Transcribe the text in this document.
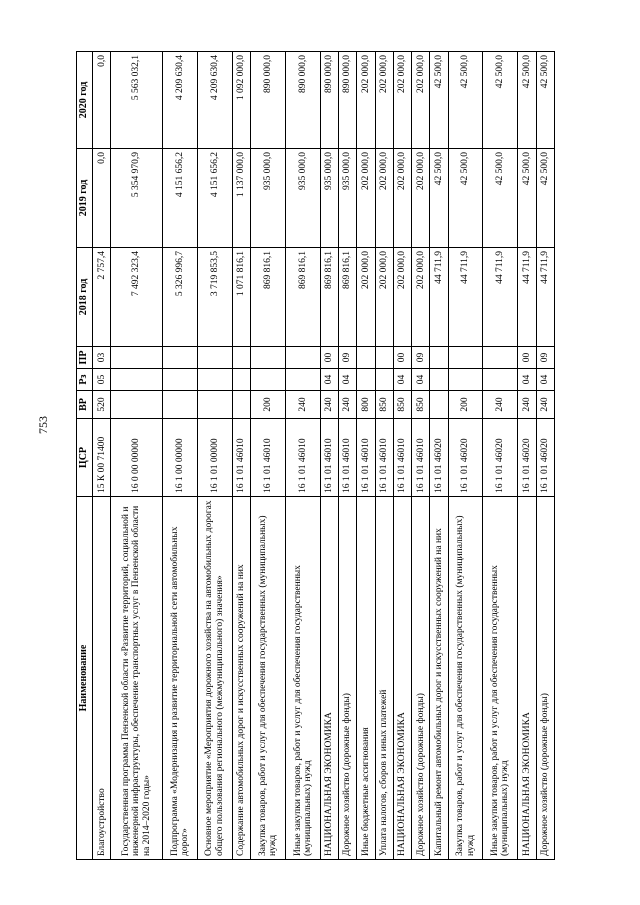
753
Наименование	ЦСР	ВР	Рз	ПР	2018 год	2019 год	2020 год
Благоустройство	15 К 00 71400	520	05	03	2 757,4	0,0	0,0
Государственная программа Пензенской области «Развитие территорий, социальной и инженерной инфраструктуры, обеспечение транспортных услуг в Пензенской области на 2014–2020 годы»	16 0 00 00000				7 492 323,4	5 354 970,9	5 563 032,1
Подпрограмма «Модернизация и развитие территориальной сети автомобильных дорог»	16 1 00 00000				5 326 996,7	4 151 656,2	4 209 630,4
Основное мероприятие «Мероприятия дорожного хозяйства на автомобильных дорогах общего пользования регионального (межмуниципального) значения»	16 1 01 00000				3 719 853,5	4 151 656,2	4 209 630,4
Содержание автомобильных дорог и искусственных сооружений на них	16 1 01 46010				1 071 816,1	1 137 000,0	1 092 000,0
Закупка товаров, работ и услуг для обеспечения государственных (муниципальных) нужд	16 1 01 46010	200			869 816,1	935 000,0	890 000,0
Иные закупки товаров, работ и услуг для обеспечения государственных (муниципальных) нужд	16 1 01 46010	240			869 816,1	935 000,0	890 000,0
НАЦИОНАЛЬНАЯ ЭКОНОМИКА	16 1 01 46010	240	04	00	869 816,1	935 000,0	890 000,0
Дорожное хозяйство (дорожные фонды)	16 1 01 46010	240	04	09	869 816,1	935 000,0	890 000,0
Иные бюджетные ассигнования	16 1 01 46010	800			202 000,0	202 000,0	202 000,0
Уплата налогов, сборов и иных платежей	16 1 01 46010	850			202 000,0	202 000,0	202 000,0
НАЦИОНАЛЬНАЯ ЭКОНОМИКА	16 1 01 46010	850	04	00	202 000,0	202 000,0	202 000,0
Дорожное хозяйство (дорожные фонды)	16 1 01 46010	850	04	09	202 000,0	202 000,0	202 000,0
Капитальный ремонт автомобильных дорог и искусственных сооружений на них	16 1 01 46020				44 711,9	42 500,0	42 500,0
Закупка товаров, работ и услуг для обеспечения государственных (муниципальных) нужд	16 1 01 46020	200			44 711,9	42 500,0	42 500,0
Иные закупки товаров, работ и услуг для обеспечения государственных (муниципальных) нужд	16 1 01 46020	240			44 711,9	42 500,0	42 500,0
НАЦИОНАЛЬНАЯ ЭКОНОМИКА	16 1 01 46020	240	04	00	44 711,9	42 500,0	42 500,0
Дорожное хозяйство (дорожные фонды)	16 1 01 46020	240	04	09	44 711,9	42 500,0	42 500,0
